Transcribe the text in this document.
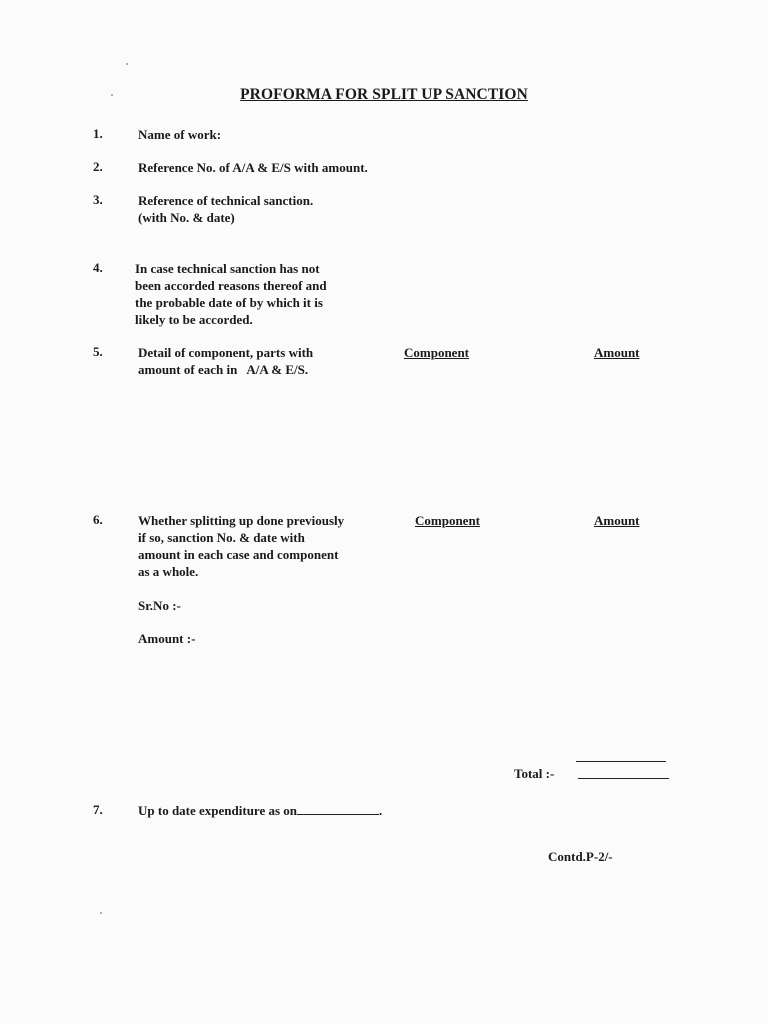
PROFORMA FOR SPLIT UP SANCTION
1.	Name of work:
2.	Reference No. of A/A & E/S with amount.
3.	Reference of technical sanction.
(with No. & date)
4. In case technical sanction has not
been accorded reasons thereof and
the probable date of by which it is
likely to be accorded.
5.	Detail of component, parts with
amount of each in   A/A & E/S.
Component	Amount
6.	Whether splitting up done previously
if so, sanction No. & date with
amount in each case and component
as a whole.
Component	Amount
Sr.No :-
Amount :-
Total :-
7.	Up to date expenditure as on	.
Contd.P-2/-
